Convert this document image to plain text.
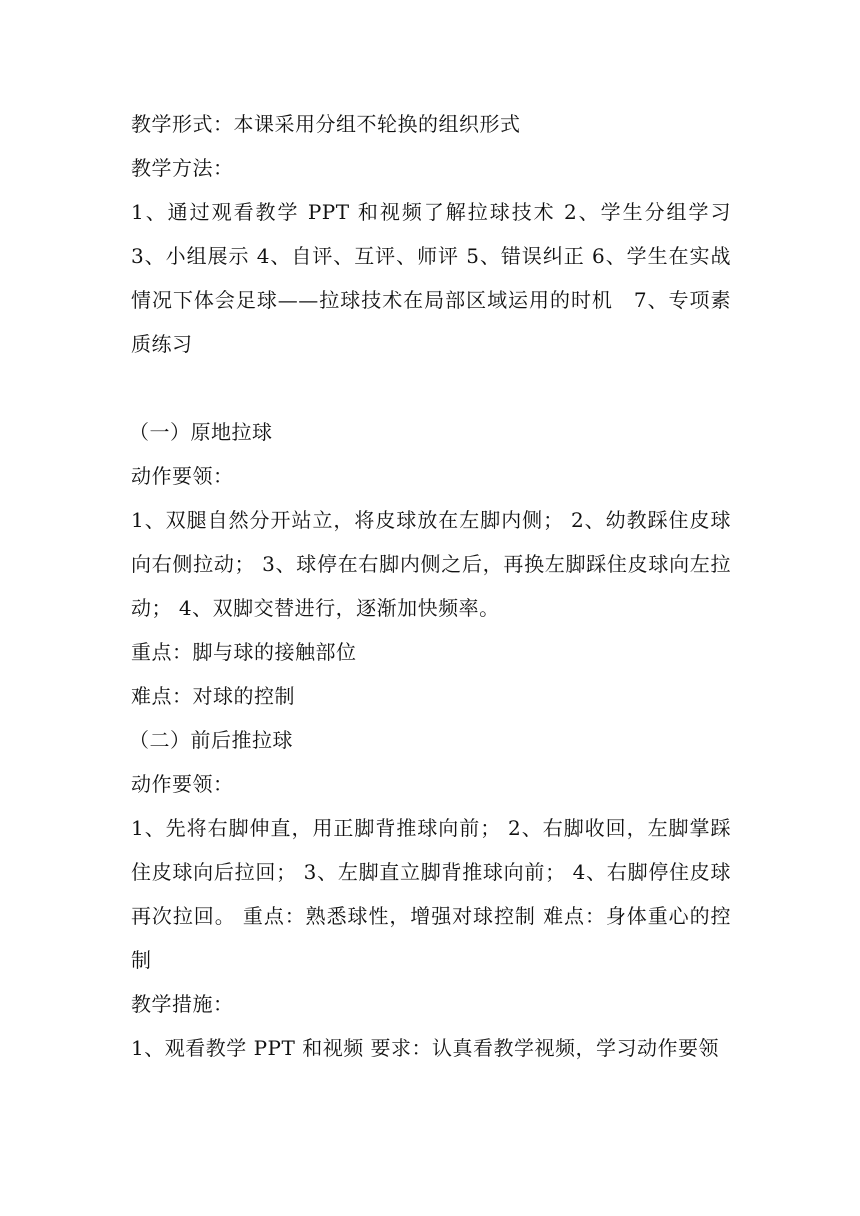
教学形式：本课采用分组不轮换的组织形式

教学方法：

1、通过观看教学 PPT 和视频了解拉球技术 2、学生分组学习 3、小组展示 4、自评、互评、师评 5、错误纠正 6、学生在实战情况下体会足球——拉球技术在局部区域运用的时机　7、专项素质练习

（一）原地拉球

动作要领：

1、双腿自然分开站立，将皮球放在左脚内侧； 2、幼教踩住皮球向右侧拉动； 3、球停在右脚内侧之后，再换左脚踩住皮球向左拉动； 4、双脚交替进行，逐渐加快频率。

重点：脚与球的接触部位

难点：对球的控制

（二）前后推拉球

动作要领：

1、先将右脚伸直，用正脚背推球向前； 2、右脚收回，左脚掌踩住皮球向后拉回； 3、左脚直立脚背推球向前； 4、右脚停住皮球再次拉回。 重点：熟悉球性，增强对球控制 难点：身体重心的控制

教学措施：

1、观看教学 PPT 和视频 要求：认真看教学视频，学习动作要领
